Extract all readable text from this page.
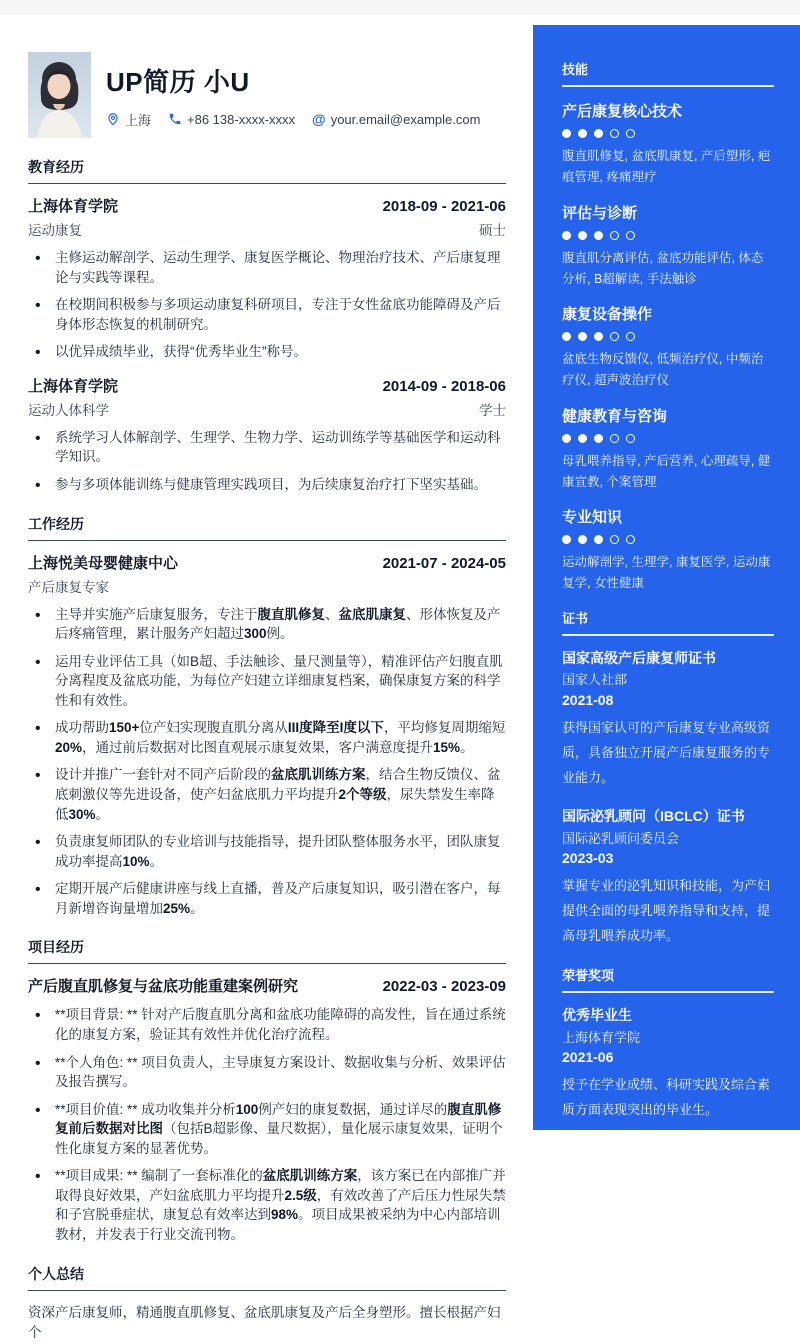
UP简历 小U
上海	+86 138-xxxx-xxxx @ your.email@example.com
教育经历
上海体育学院	2018-09 - 2021-06
运动康复	硕士
• 主修运动解剖学、运动生理学、康复医学概论、物理治疗技术、产后康复理论与实践等课程。
• 在校期间积极参与多项运动康复科研项目，专注于女性盆底功能障碍及产后身体形态恢复的机制研究。
• 以优异成绩毕业，获得“优秀毕业生”称号。
上海体育学院	2014-09 - 2018-06
运动人体科学	学士
• 系统学习人体解剖学、生理学、生物力学、运动训练学等基础医学和运动科学知识。
• 参与多项体能训练与健康管理实践项目，为后续康复治疗打下坚实基础。
工作经历
上海悦美母婴健康中心	2021-07 - 2024-05
产后康复专家
• 主导并实施产后康复服务，专注于腹直肌修复、盆底肌康复、形体恢复及产后疼痛管理，累计服务产妇超过300例。
• 运用专业评估工具（如B超、手法触诊、量尺测量等），精准评估产妇腹直肌分离程度及盆底功能，为每位产妇建立详细康复档案，确保康复方案的科学性和有效性。
• 成功帮助150+位产妇实现腹直肌分离从III度降至I度以下，平均修复周期缩短20%，通过前后数据对比图直观展示康复效果，客户满意度提升15%。
• 设计并推广一套针对不同产后阶段的盆底肌训练方案，结合生物反馈仪、盆底刺激仪等先进设备，使产妇盆底肌力平均提升2个等级，尿失禁发生率降低30%。
• 负责康复师团队的专业培训与技能指导，提升团队整体服务水平，团队康复成功率提高10%。
• 定期开展产后健康讲座与线上直播，普及产后康复知识，吸引潜在客户，每月新增咨询量增加25%。
项目经历
产后腹直肌修复与盆底功能重建案例研究	2022-03 - 2023-09
• **项目背景: ** 针对产后腹直肌分离和盆底功能障碍的高发性，旨在通过系统化的康复方案，验证其有效性并优化治疗流程。
• **个人角色: ** 项目负责人，主导康复方案设计、数据收集与分析、效果评估及报告撰写。
• **项目价值: ** 成功收集并分析100例产妇的康复数据，通过详尽的腹直肌修复前后数据对比图（包括B超影像、量尺数据），量化展示康复效果，证明个性化康复方案的显著优势。
• **项目成果: ** 编制了一套标准化的盆底肌训练方案，该方案已在内部推广并取得良好效果，产妇盆底肌力平均提升2.5级，有效改善了产后压力性尿失禁和子宫脱垂症状，康复总有效率达到98%。项目成果被采纳为中心内部培训教材，并发表于行业交流刊物。
个人总结

资深产后康复师，精通腹直肌修复、盆底肌康复及产后全身塑形。擅长根据产妇个

技能
产后康复核心技术

腹直肌修复, 盆底肌康复, 产后塑形, 疤痕管理, 疼痛理疗

评估与诊断

腹直肌分离评估, 盆底功能评估, 体态分析, B超解读, 手法触诊

康复设备操作

盆底生物反馈仪, 低频治疗仪, 中频治疗仪, 超声波治疗仪

健康教育与咨询

母乳喂养指导, 产后营养, 心理疏导, 健康宣教, 个案管理

专业知识

运动解剖学, 生理学, 康复医学, 运动康复学, 女性健康

证书
国家高级产后康复师证书
国家人社部
2021-08

获得国家认可的产后康复专业高级资质，具备独立开展产后康复服务的专业能力。

国际泌乳顾问（IBCLC）证书
国际泌乳顾问委员会
2023-03

掌握专业的泌乳知识和技能，为产妇提供全面的母乳喂养指导和支持，提高母乳喂养成功率。

荣誉奖项
优秀毕业生
上海体育学院
2021-06

授予在学业成绩、科研实践及综合素质方面表现突出的毕业生。

产后康复技能大赛一等奖
上海市母婴健康协会
2022-11

凭借专业的评估能力和高效的康复手法，在全市产后康复技能大赛中脱颖而出。
